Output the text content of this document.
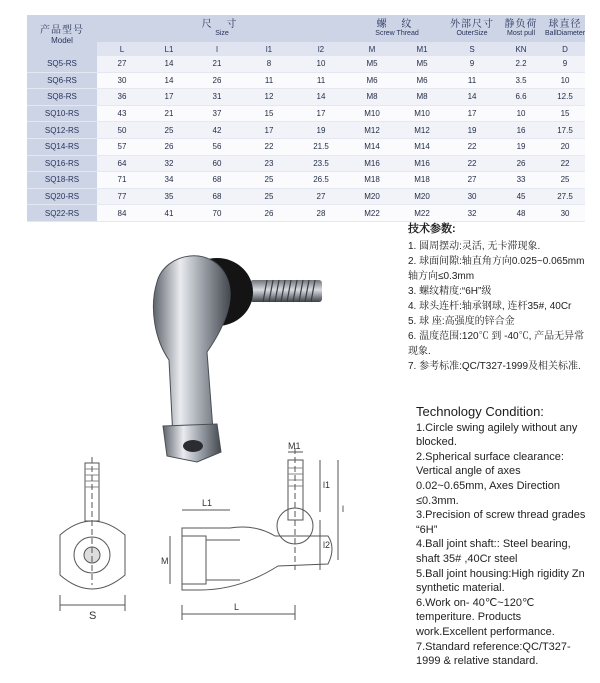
产品型号
Model	尺 寸
Size					螺 纹
Screw Thread		外部尺寸
OuterSize	静负荷
Most pull	球直径
BallDiameter

	L	L1	l	l1	l2	M	M1	S	KN	D
SQ5-RS	27	14	21	8	10	M5	M5	9	2.2	9
SQ6-RS	30	14	26	11	11	M6	M6	11	3.5	10
SQ8-RS	36	17	31	12	14	M8	M8	14	6.6	12.5
SQ10-RS	43	21	37	15	17	M10	M10	17	10	15
SQ12-RS	50	25	42	17	19	M12	M12	19	16	17.5
SQ14-RS	57	26	56	22	21.5	M14	M14	22	19	20
SQ16-RS	64	32	60	23	23.5	M16	M16	22	26	22
SQ18-RS	71	34	68	25	26.5	M18	M18	27	33	25
SQ20-RS	77	35	68	25	27	M20	M20	30	45	27.5
SQ22-RS	84	41	70	26	28	M22	M22	32	48	30
S
L1
M1
l1
l
l2
M
L
技术参数:
1. 圆周摆动:灵活, 无卡滞现象.
2. 球面间隙:轴直角方向0.025~0.065mm 轴方向≤0.3mm
3. 螺纹精度:“6H”级
4. 球头连杆:轴承钢球, 连杆35#, 40Cr
5. 球 座:高强度的锌合金
6. 温度范围:120℃ 到 -40℃, 产品无异常现象.
7. 参考标准:QC/T327-1999及相关标准.
Technology Condition:
1.Circle swing agilely without any blocked.
2.Spherical surface clearance: Vertical angle of axes 0.02~0.65mm, Axes Direction ≤0.3mm.
3.Precision of screw thread grades “6H”
4.Ball joint shaft:: Steel bearing, shaft 35# ,40Cr steel
5.Ball joint housing:High rigidity Zn synthetic material.
6.Work on- 40℃~120℃ temperiture. Products work.Excellent performance.
7.Standard reference:QC/T327-1999 & relative standard.
